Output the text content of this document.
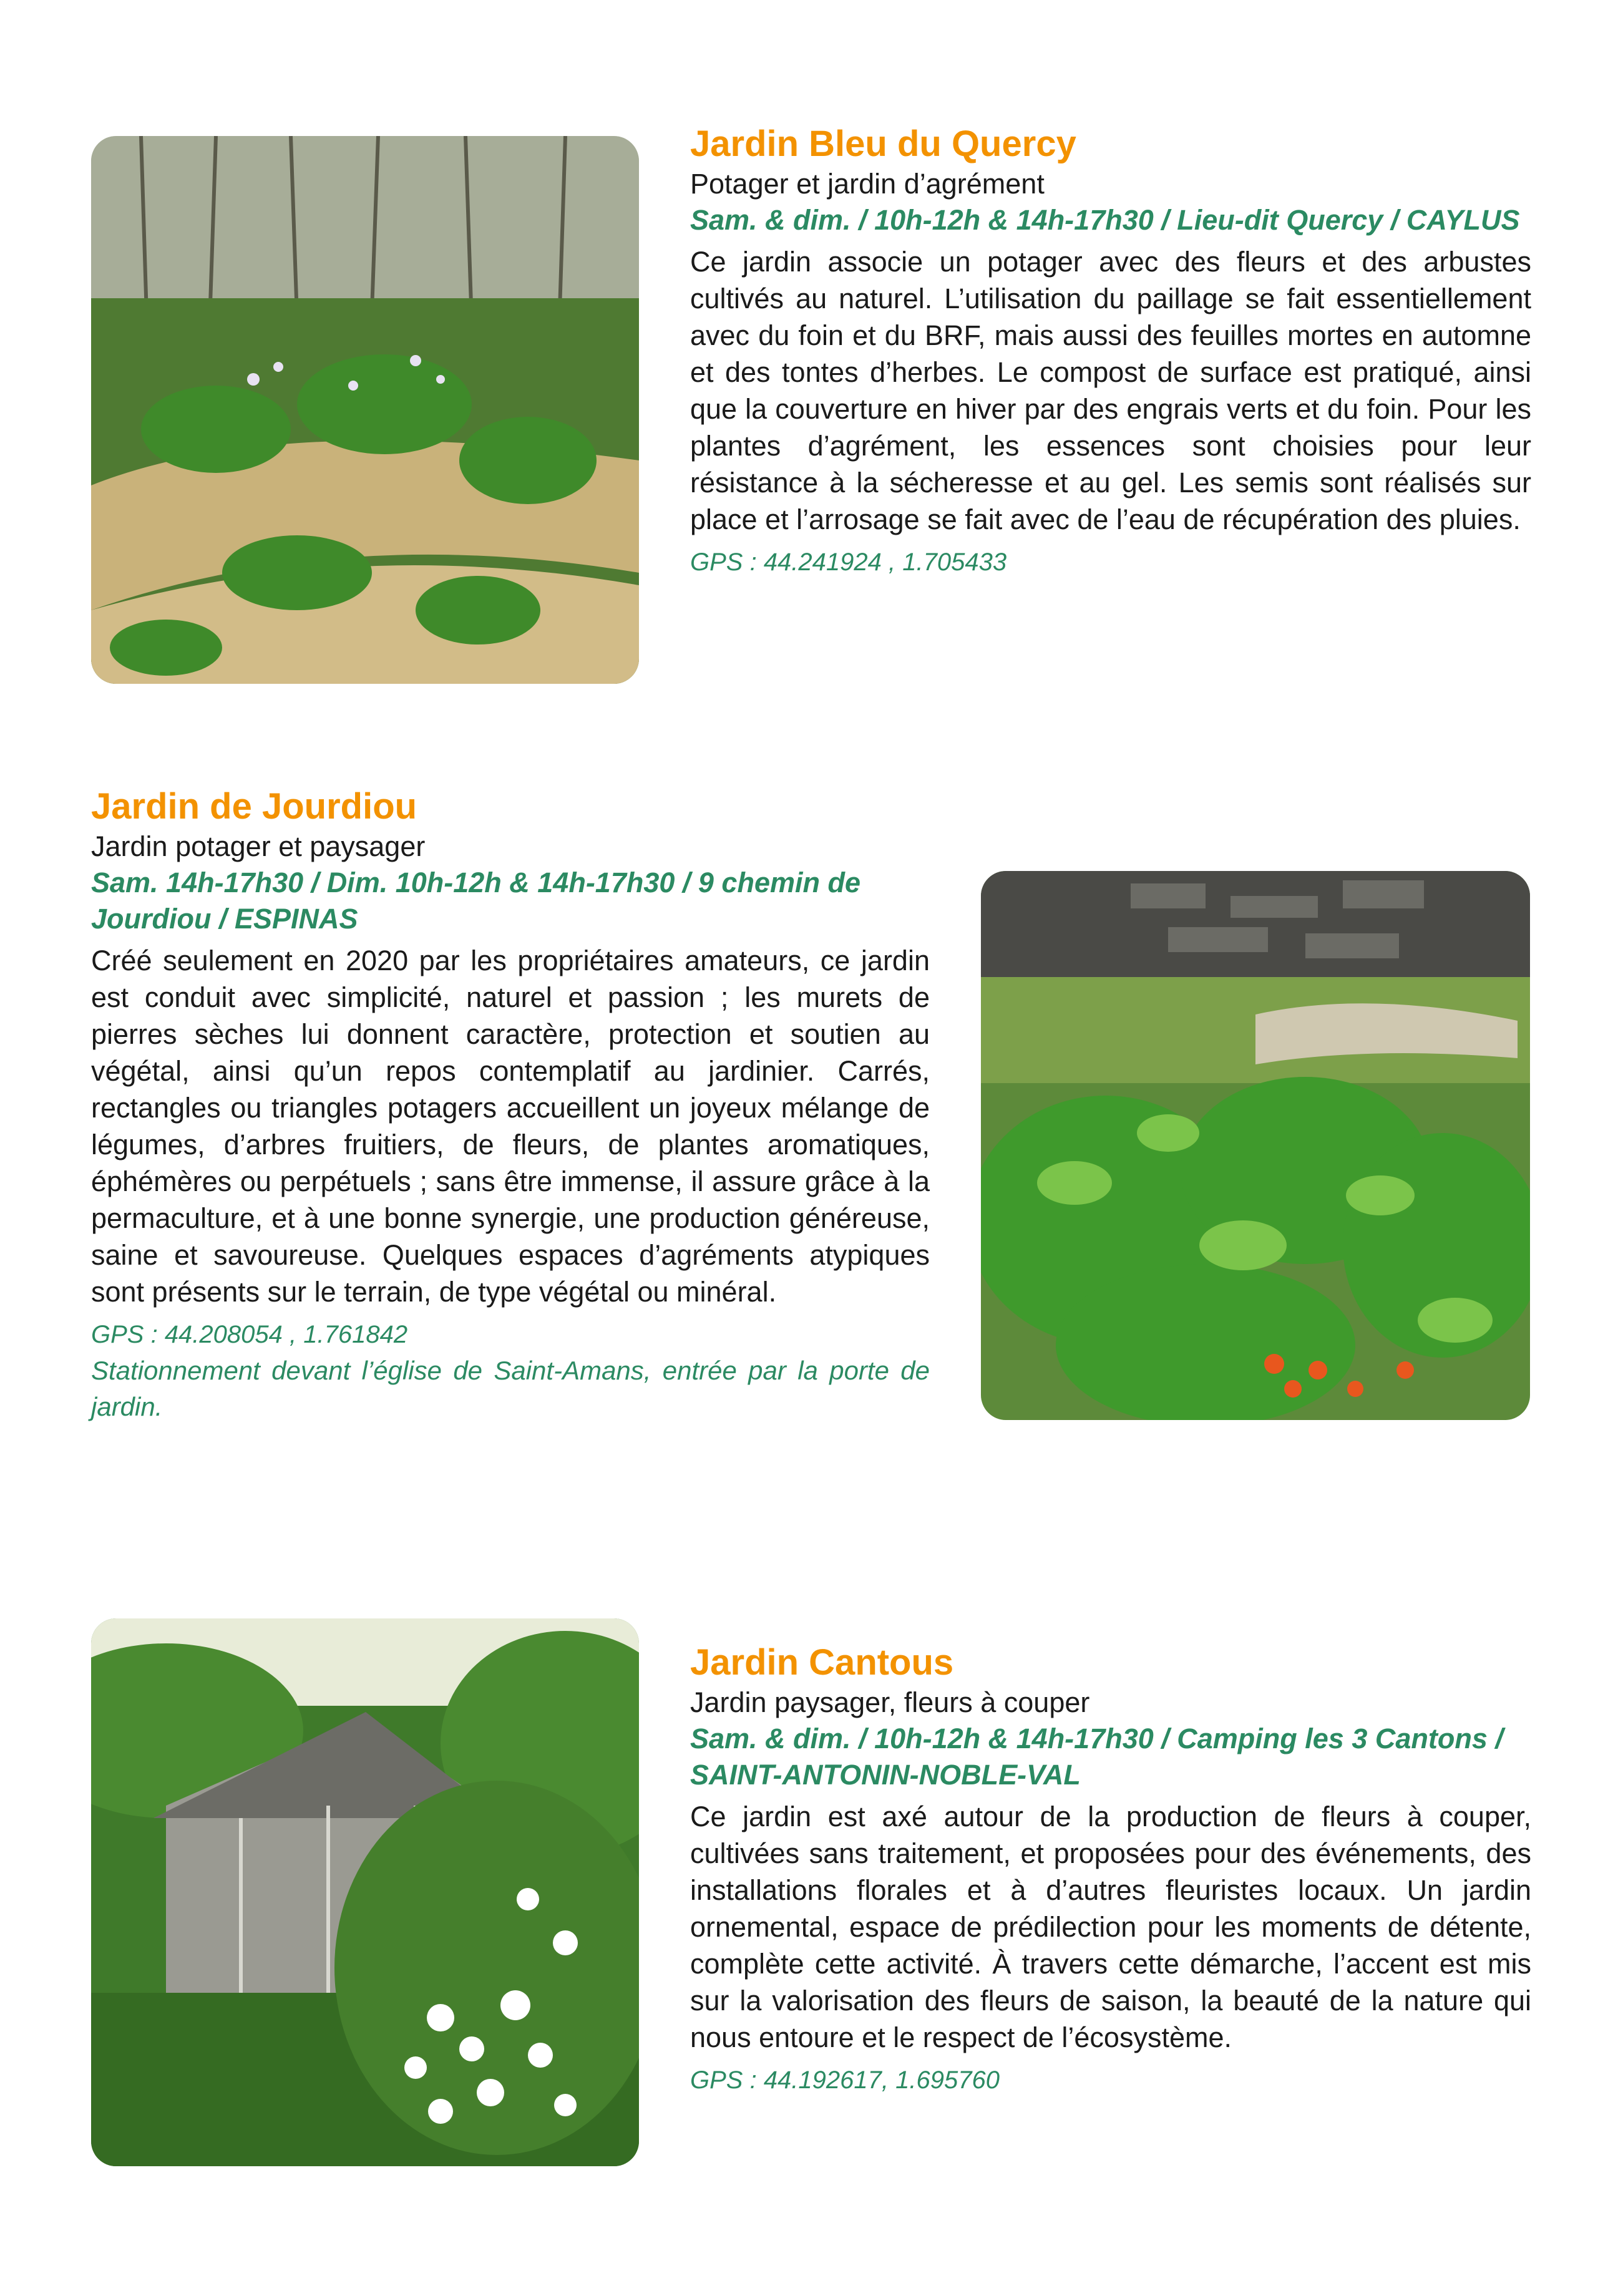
Jardin Bleu du Quercy

Potager et jardin d’agrément

Sam. & dim. / 10h-12h & 14h-17h30 / Lieu-dit Quercy / CAYLUS

Ce jardin associe un potager avec des fleurs et des arbustes cultivés au naturel. L’utilisation du paillage se fait essentiellement avec du foin et du BRF, mais aussi des feuilles mortes en automne et des tontes d’herbes. Le compost de surface est pratiqué, ainsi que la couverture en hiver par des engrais verts et du foin. Pour les plantes d’agrément, les essences sont choisies pour leur résistance à la sécheresse et au gel. Les semis sont réalisés sur place et l’arrosage se fait avec de l’eau de récupération des pluies.

GPS : 44.241924 , 1.705433

Jardin de Jourdiou

Jardin potager et paysager

Sam. 14h-17h30 / Dim. 10h-12h & 14h-17h30 / 9 chemin de Jourdiou / ESPINAS

Créé seulement en 2020 par les propriétaires amateurs, ce jardin est conduit avec simplicité, naturel et passion ; les murets de pierres sèches lui donnent caractère, protection et soutien au végétal, ainsi qu’un repos contemplatif au jardinier. Carrés, rectangles ou triangles potagers accueillent un joyeux mélange de légumes, d’arbres fruitiers, de fleurs, de plantes aromatiques, éphémères ou perpétuels ; sans être immense, il assure grâce à la permaculture, et à une bonne synergie, une production généreuse, saine et savoureuse. Quelques espaces d’agréments atypiques sont présents sur le terrain, de type végétal ou minéral.

GPS : 44.208054 , 1.761842

Stationnement devant l’église de Saint-Amans, entrée par la porte de jardin.

Jardin Cantous

Jardin paysager, fleurs à couper

Sam. & dim. / 10h-12h & 14h-17h30 / Camping les 3 Cantons / SAINT-ANTONIN-NOBLE-VAL

Ce jardin est axé autour de la production de fleurs à couper, cultivées sans traitement, et proposées pour des événements, des installations florales et à d’autres fleuristes locaux. Un jardin ornemental, espace de prédilection pour les moments de détente, complète cette activité. À travers cette démarche, l’accent est mis sur la valorisation des fleurs de saison, la beauté de la nature qui nous entoure et le respect de l’écosystème.

GPS : 44.192617, 1.695760
